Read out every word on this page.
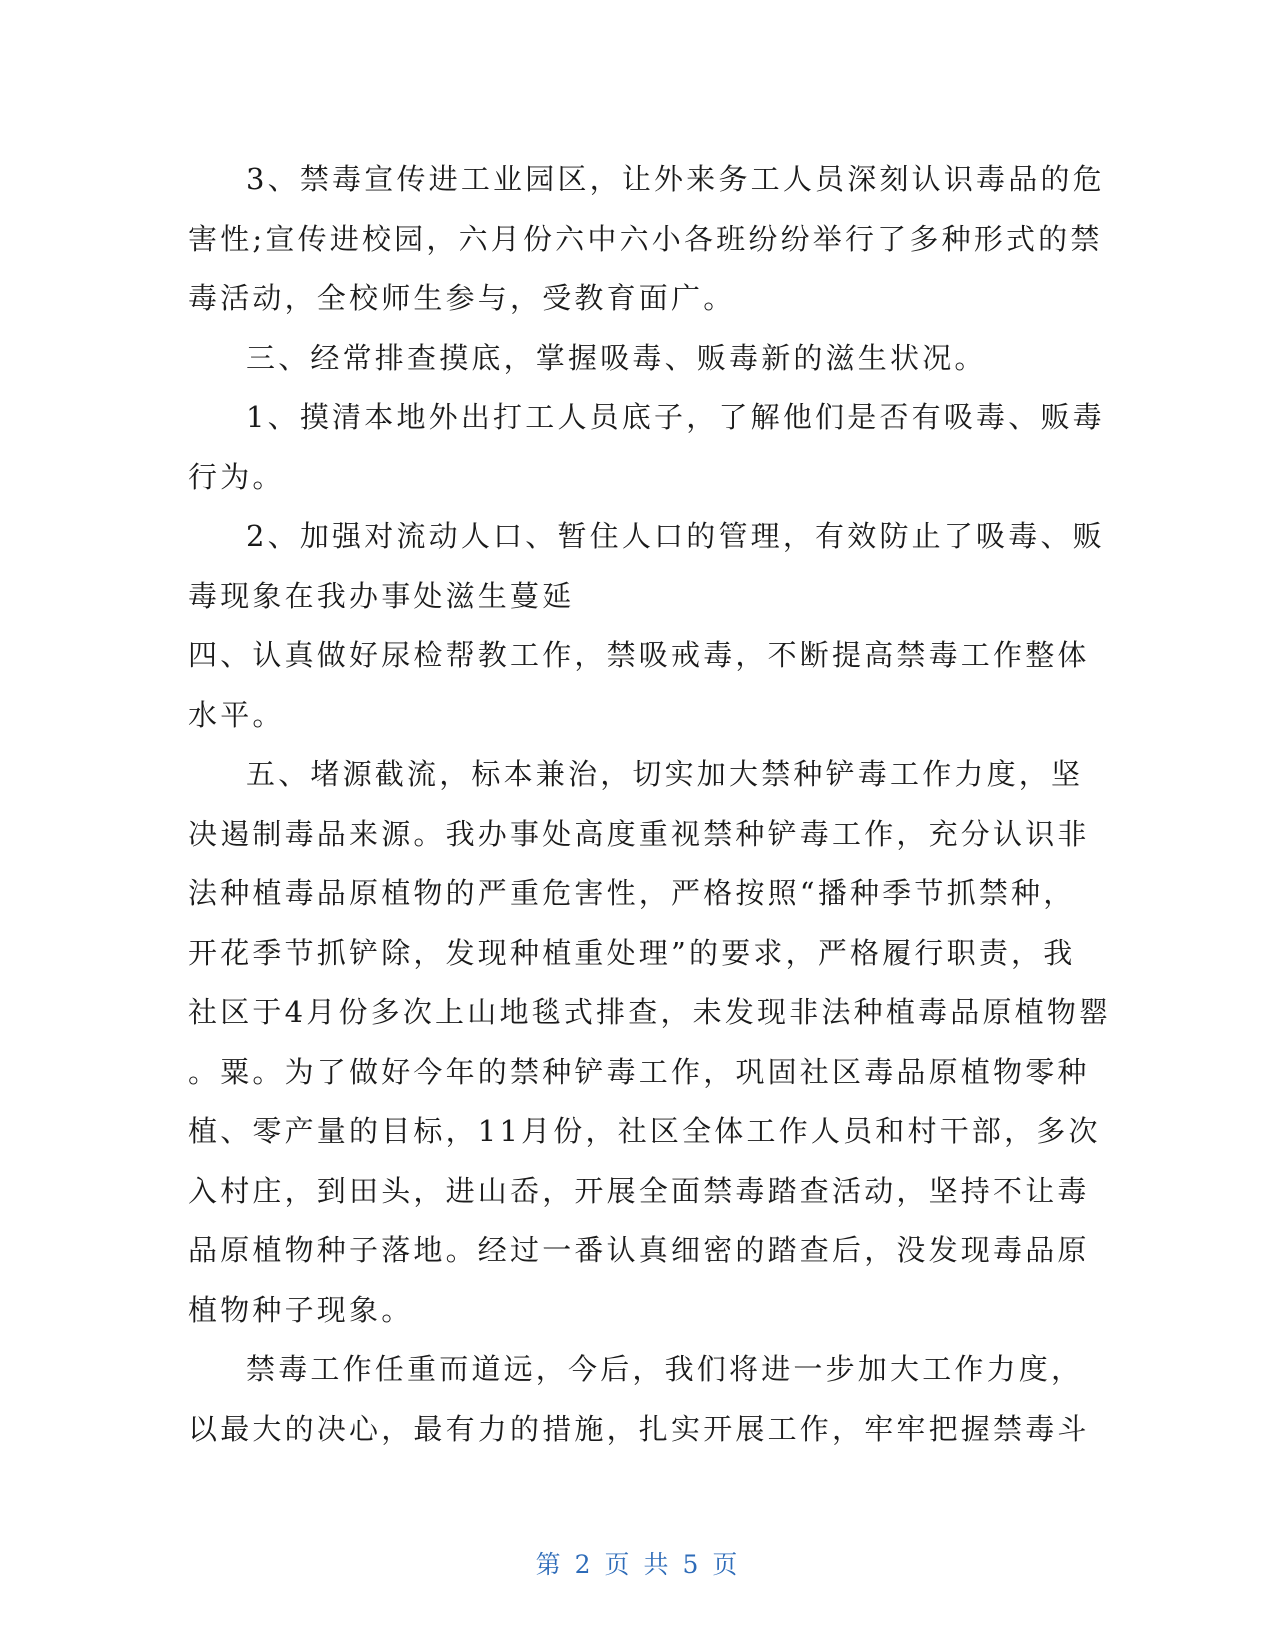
3、禁毒宣传进工业园区，让外来务工人员深刻认识毒品的危
害性;宣传进校园，六月份六中六小各班纷纷举行了多种形式的禁
毒活动，全校师生参与，受教育面广。
三、经常排查摸底，掌握吸毒、贩毒新的滋生状况。
1、摸清本地外出打工人员底子，了解他们是否有吸毒、贩毒
行为。
2、加强对流动人口、暂住人口的管理，有效防止了吸毒、贩
毒现象在我办事处滋生蔓延
四、认真做好尿检帮教工作，禁吸戒毒，不断提高禁毒工作整体
水平。
五、堵源截流，标本兼治，切实加大禁种铲毒工作力度，坚
决遏制毒品来源。我办事处高度重视禁种铲毒工作，充分认识非
法种植毒品原植物的严重危害性，严格按照“播种季节抓禁种，
开花季节抓铲除，发现种植重处理”的要求，严格履行职责，我
社区于4月份多次上山地毯式排查，未发现非法种植毒品原植物罂
。粟。为了做好今年的禁种铲毒工作，巩固社区毒品原植物零种
植、零产量的目标，11月份，社区全体工作人员和村干部，多次
入村庄，到田头，进山岙，开展全面禁毒踏查活动，坚持不让毒
品原植物种子落地。经过一番认真细密的踏查后，没发现毒品原
植物种子现象。
禁毒工作任重而道远，今后，我们将进一步加大工作力度，
以最大的决心，最有力的措施，扎实开展工作，牢牢把握禁毒斗
第 2 页 共 5 页
